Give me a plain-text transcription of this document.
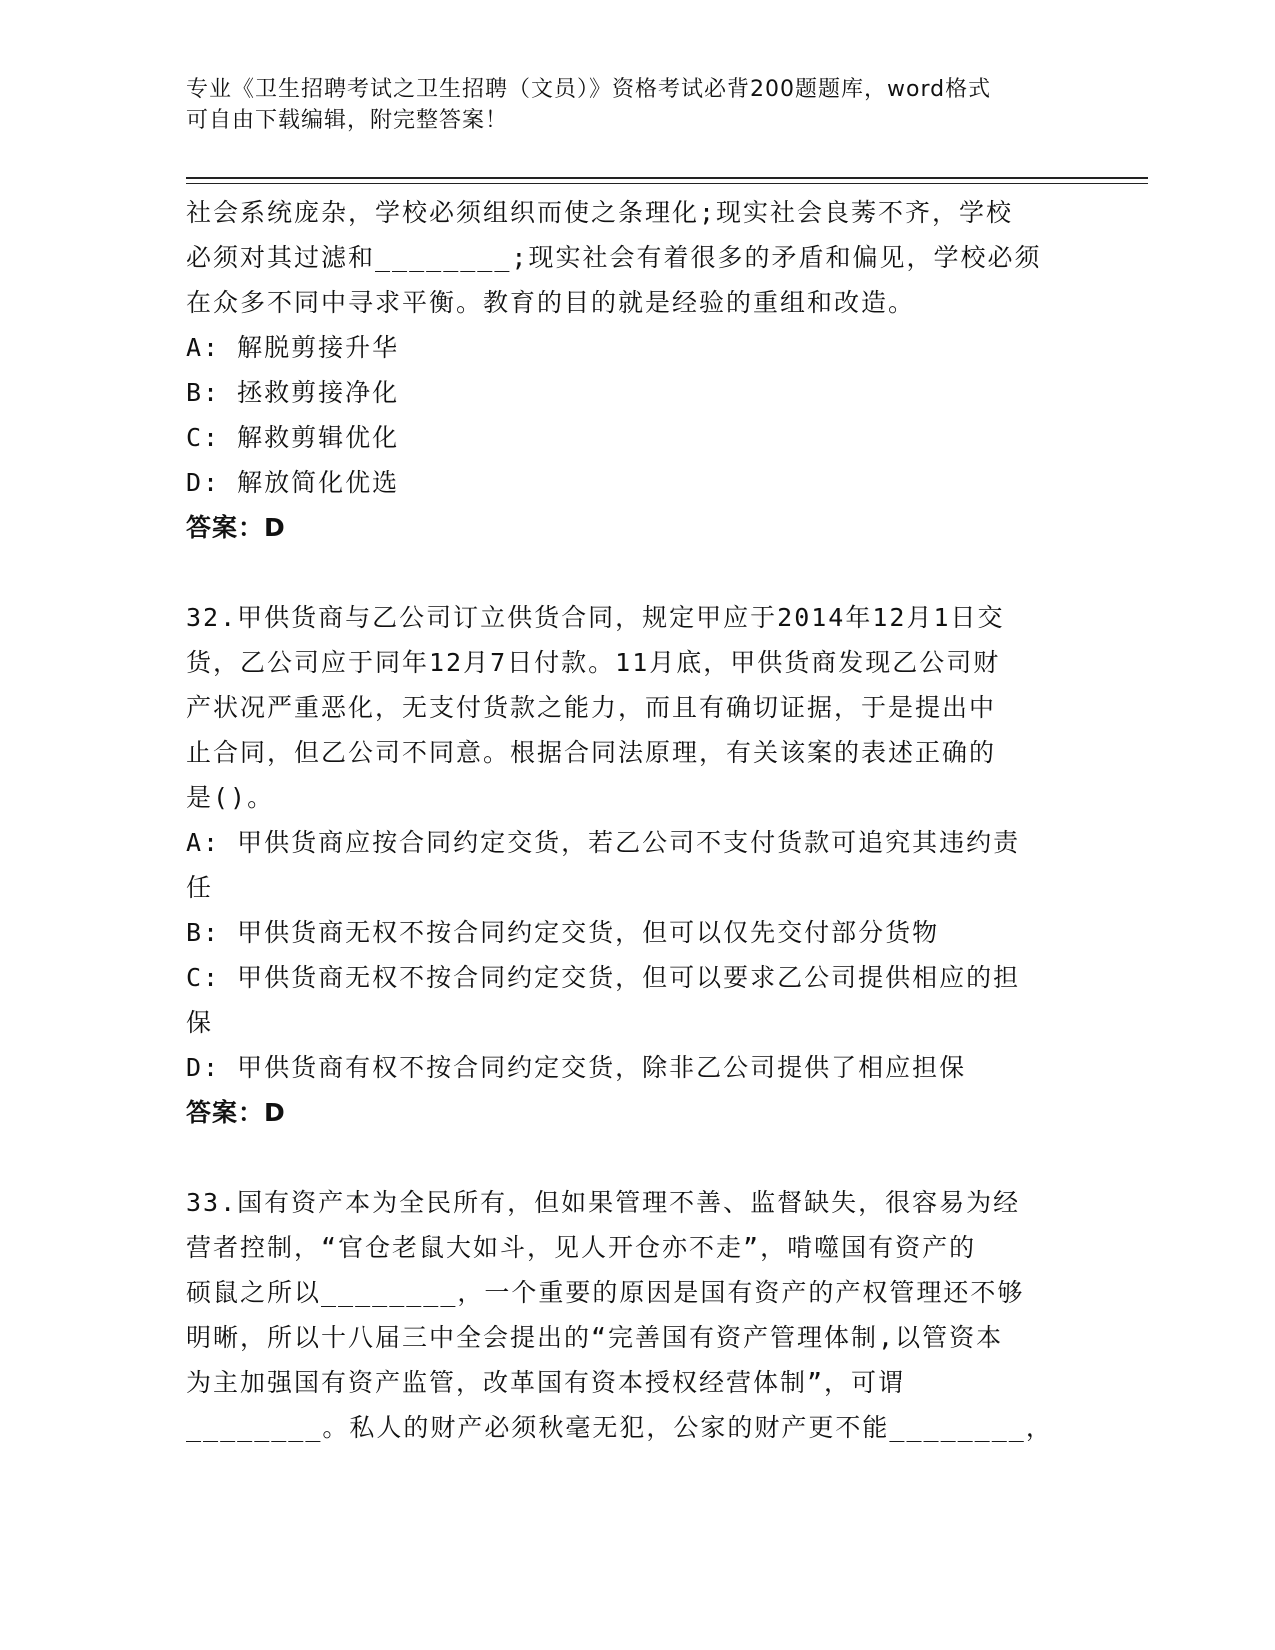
专业《卫生招聘考试之卫生招聘（文员）》资格考试必背200题题库，word格式
可自由下载编辑，附完整答案！

社会系统庞杂，学校必须组织而使之条理化;现实社会良莠不齐，学校

必须对其过滤和________;现实社会有着很多的矛盾和偏见，学校必须

在众多不同中寻求平衡。教育的目的就是经验的重组和改造。

A: 解脱剪接升华

B: 拯救剪接净化

C: 解救剪辑优化

D: 解放简化优选

答案：D

32.甲供货商与乙公司订立供货合同，规定甲应于2014年12月1日交

货，乙公司应于同年12月7日付款。11月底，甲供货商发现乙公司财

产状况严重恶化，无支付货款之能力，而且有确切证据，于是提出中

止合同，但乙公司不同意。根据合同法原理，有关该案的表述正确的

是()。

A: 甲供货商应按合同约定交货，若乙公司不支付货款可追究其违约责

任

B: 甲供货商无权不按合同约定交货，但可以仅先交付部分货物

C: 甲供货商无权不按合同约定交货，但可以要求乙公司提供相应的担

保

D: 甲供货商有权不按合同约定交货，除非乙公司提供了相应担保

答案：D

33.国有资产本为全民所有，但如果管理不善、监督缺失，很容易为经

营者控制，“官仓老鼠大如斗，见人开仓亦不走”，啃噬国有资产的

硕鼠之所以________，一个重要的原因是国有资产的产权管理还不够

明晰，所以十八届三中全会提出的“完善国有资产管理体制,以管资本

为主加强国有资产监管，改革国有资本授权经营体制”，可谓

________。私人的财产必须秋毫无犯，公家的财产更不能________，
